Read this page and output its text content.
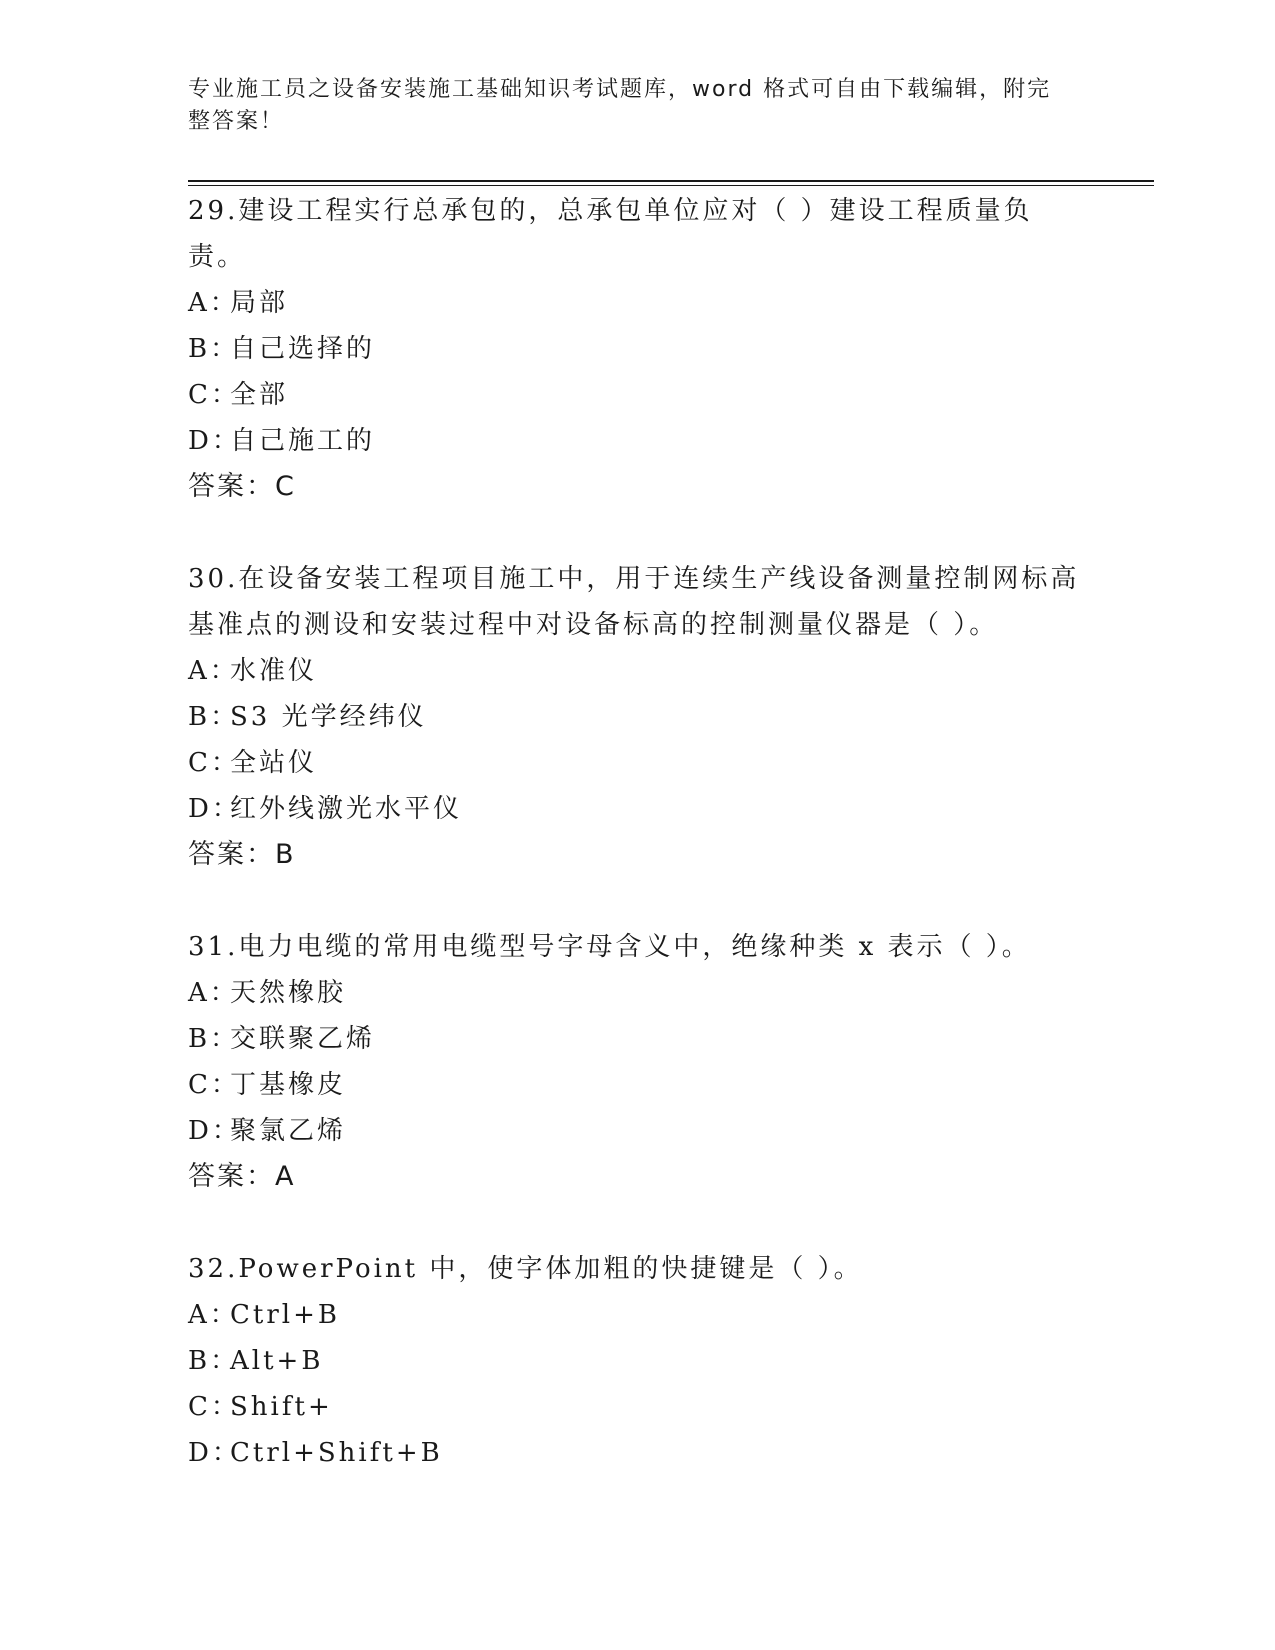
专业施工员之设备安装施工基础知识考试题库，word 格式可自由下载编辑，附完整答案！

29.建设工程实行总承包的，总承包单位应对（ ）建设工程质量负责。

A：局部

B：自己选择的

C：全部

D：自己施工的

答案：C

30.在设备安装工程项目施工中，用于连续生产线设备测量控制网标高基准点的测设和安装过程中对设备标高的控制测量仪器是（ ）。

A：水准仪

B：S3 光学经纬仪

C：全站仪

D：红外线激光水平仪

答案：B

31.电力电缆的常用电缆型号字母含义中，绝缘种类 x 表示（ ）。

A：天然橡胶

B：交联聚乙烯

C：丁基橡皮

D：聚氯乙烯

答案：A

32.PowerPoint 中，使字体加粗的快捷键是（ ）。

A：Ctrl+B

B：Alt+B

C：Shift+

D：Ctrl+Shift+B
